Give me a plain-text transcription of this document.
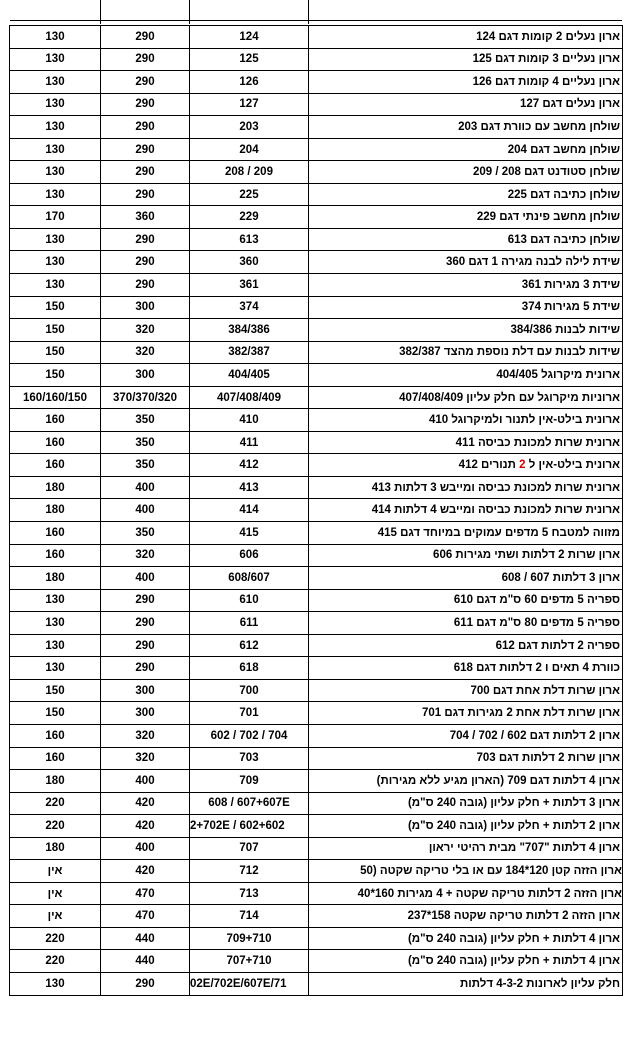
130	290	124	ארון נעלים 2 קומות דגם 124
130	290	125	ארון נעליים 3 קומות דגם 125
130	290	126	ארון נעליים 4 קומות דגם 126
130	290	127	ארון נעלים דגם 127
130	290	203	שולחן מחשב עם כוורת דגם 203
130	290	204	שולחן מחשב דגם 204
130	290	208 / 209	שולחן סטודנט דגם 208 / 209
130	290	225	שולחן כתיבה דגם 225
170	360	229	שולחן מחשב פינתי דגם 229
130	290	613	שולחן כתיבה דגם 613
130	290	360	שידת לילה לבנה מגירה 1 דגם 360
130	290	361	שידת 3 מגירות 361
150	300	374	שידת 5 מגירות 374
150	320	384/386	שידות לבנות 384/386
150	320	382/387	שידות לבנות עם דלת נוספת מהצד 382/387
150	300	404/405	ארונית מיקרוגל 404/405
160/160/150	370/370/320	407/408/409	ארוניות מיקרוגל עם חלק עליון 407/408/409
160	350	410	ארונית בילט-אין לתנור ולמיקרוגל 410
160	350	411	ארונית שרות למכונת כביסה 411
160	350	412	ארונית בילט-אין ל 2 תנורים 412
180	400	413	ארונית שרות למכונת כביסה ומייבש 3 דלתות 413
180	400	414	ארונית שרות למכונת כביסה ומייבש 4 דלתות 414
160	350	415	מזווה למטבח 5 מדפים עמוקים במיוחד דגם 415
160	320	606	ארון שרות 2 דלתות ושתי מגירות 606
180	400	608/607	ארון 3 דלתות 607 / 608
130	290	610	ספריה 5 מדפים 60 ס"מ דגם 610
130	290	611	ספריה 5 מדפים 80 ס"מ דגם 611
130	290	612	ספריה 2 דלתות דגם 612
130	290	618	כוורת 4 תאים ו 2 דלתות דגם 618
150	300	700	ארון שרות דלת אחת דגם 700
150	300	701	ארון שרות דלת אחת 2 מגירות דגם 701
160	320	602 / 702 / 704	ארון 2 דלתות דגם 602 / 702 / 704
160	320	703	ארון שרות 2 דלתות דגם 703
180	400	709	ארון 4 דלתות דגם 709 (הארון מגיע ללא מגירות)
220	420	608 / 607+607E	ארון 3 דלתות + חלק עליון (גובה 240 ס"מ)
220	420	2+702E / 602+602	ארון 2 דלתות + חלק עליון (גובה 240 ס"מ)
180	400	707	ארון 4 דלתות "707" מבית רהיטי יראון
אין	420	712	ארון הזזה קטן 120*184 עם או בלי טריקה שקטה (50
אין	470	713	ארון הזזה 2 דלתות טריקה שקטה + 4 מגירות 160*40
אין	470	714	ארון הזזה 2 דלתות טריקה שקטה 158*237
220	440	709+710	ארון 4 דלתות + חלק עליון (גובה 240 ס"מ)
220	440	707+710	ארון 4 דלתות + חלק עליון (גובה 240 ס"מ)
130	290	02E/702E/607E/71	חלק עליון לארונות 4-3-2 דלתות
